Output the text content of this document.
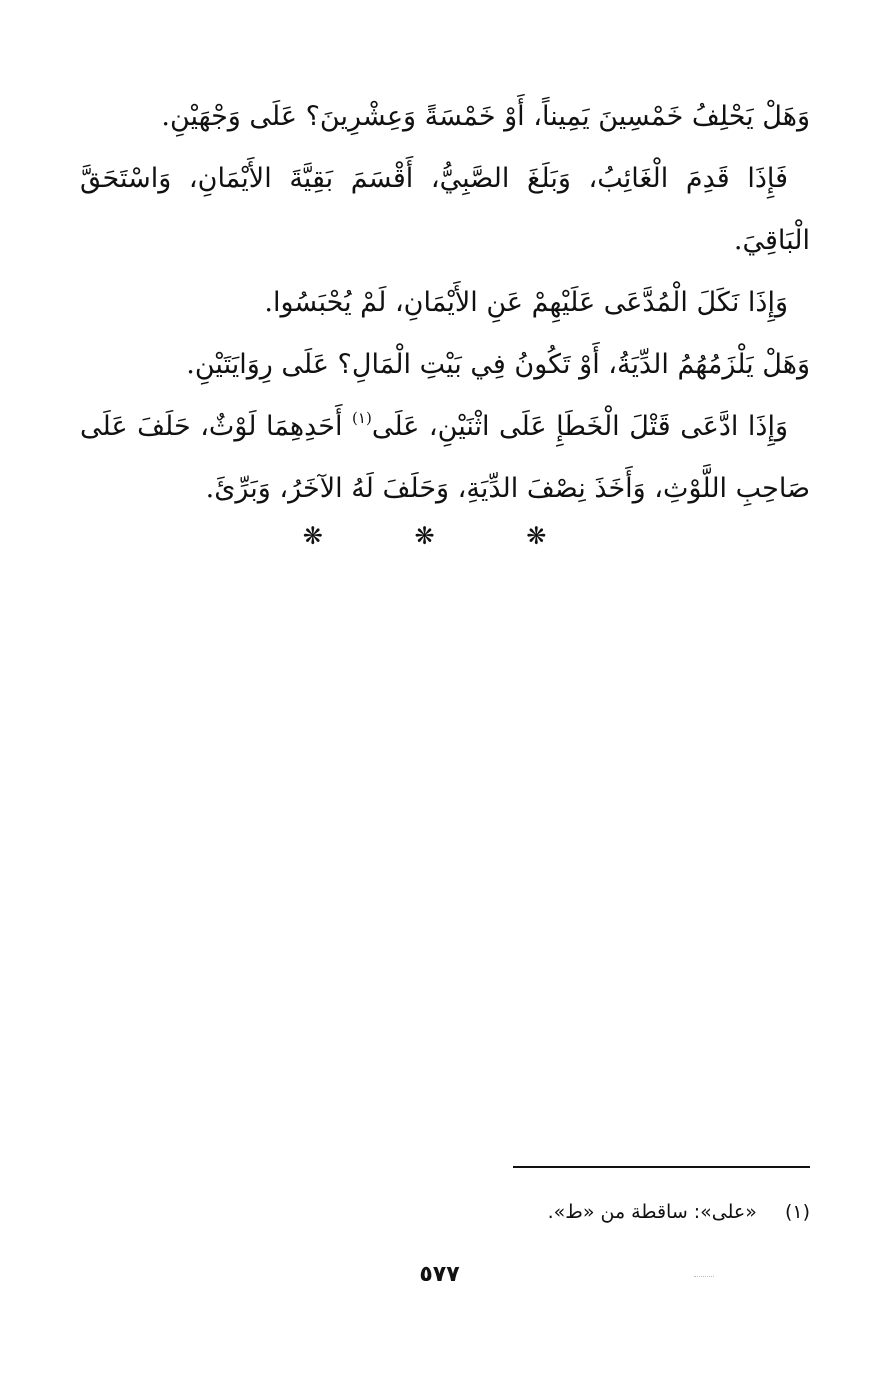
وَهَلْ يَحْلِفُ خَمْسِينَ يَمِيناً، أَوْ خَمْسَةً وَعِشْرِينَ؟ عَلَى وَجْهَيْنِ.

فَإِذَا قَدِمَ الْغَائِبُ، وَبَلَغَ الصَّبِيُّ، أَقْسَمَ بَقِيَّةَ الأَيْمَانِ، وَاسْتَحَقَّ الْبَاقِيَ.

وَإِذَا نَكَلَ الْمُدَّعَى عَلَيْهِمْ عَنِ الأَيْمَانِ، لَمْ يُحْبَسُوا.

وَهَلْ يَلْزَمُهُمُ الدِّيَةُ، أَوْ تَكُونُ فِي بَيْتِ الْمَالِ؟ عَلَى رِوَايَتَيْنِ.

وَإِذَا ادَّعَى قَتْلَ الْخَطَإِ عَلَى اثْنَيْنِ، عَلَى$^{(١)}$ أَحَدِهِمَا لَوْثٌ، حَلَفَ عَلَى صَاحِبِ اللَّوْثِ، وَأَخَذَ نِصْفَ الدِّيَةِ، وَحَلَفَ لَهُ الآخَرُ، وَبَرِّئَ.

❋	❋	❋
(١) «على»: ساقطة من «ط».
٥٧٧
